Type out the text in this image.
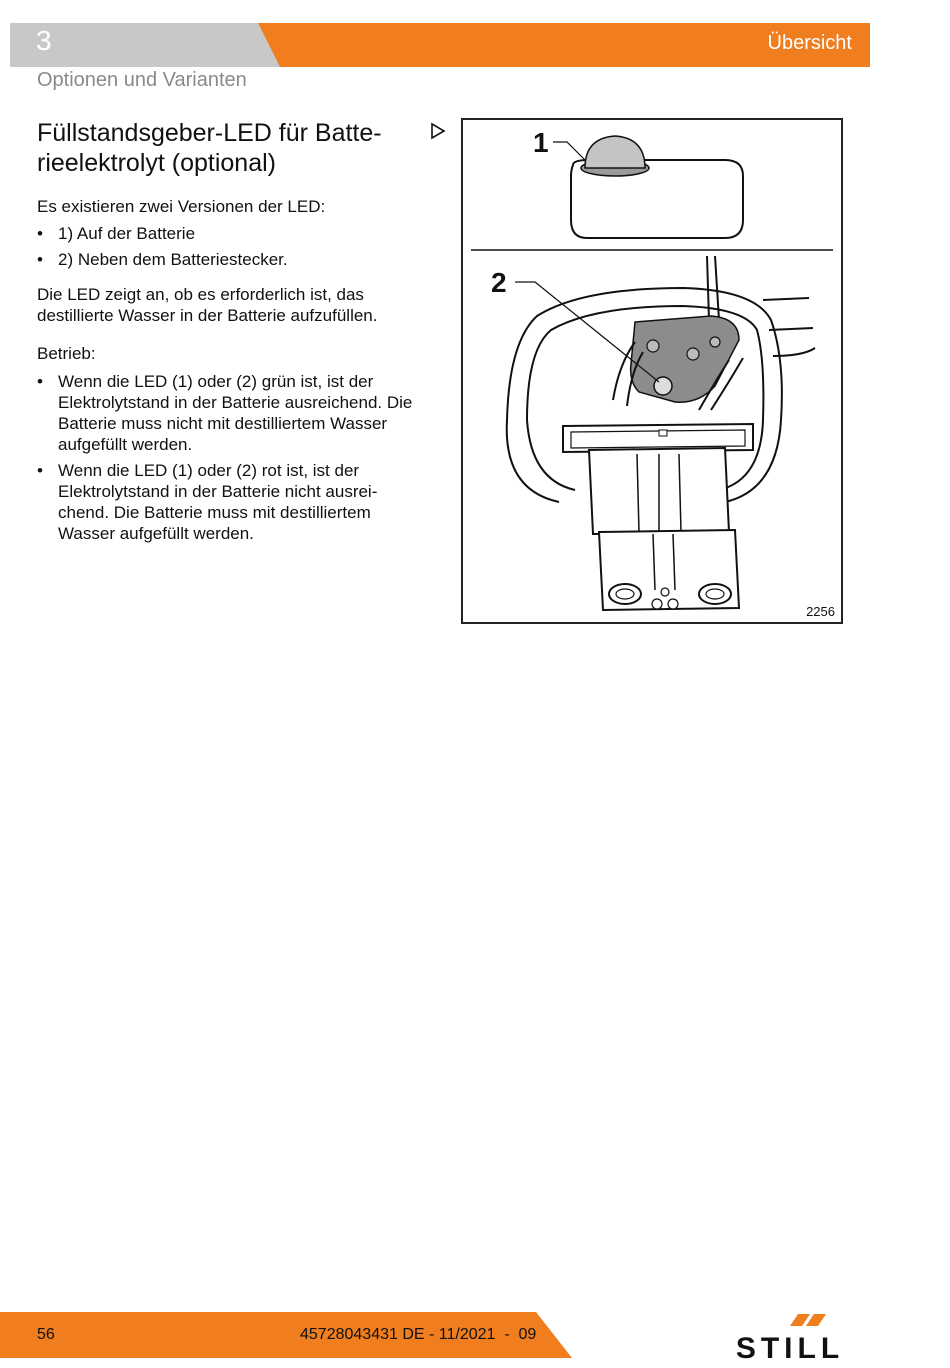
3	Übersicht
Optionen und Varianten
Füllstandsgeber-LED für Batte-rieelektrolyt (optional)
Es existieren zwei Versionen der LED:
• 1) Auf der Batterie
• 2) Neben dem Batteriestecker.
Die LED zeigt an, ob es erforderlich ist, das destillierte Wasser in der Batterie aufzufüllen.
Betrieb:
• Wenn die LED (1) oder (2) grün ist, ist der Elektrolytstand in der Batterie ausreichend. Die Batterie muss nicht mit destilliertem Wasser aufgefüllt werden.
• Wenn die LED (1) oder (2) rot ist, ist der Elektrolytstand in der Batterie nicht ausrei-chend. Die Batterie muss mit destilliertem Wasser aufgefüllt werden.
1
2
2256
56	45728043431 DE - 11/2021  -  09	STILL
